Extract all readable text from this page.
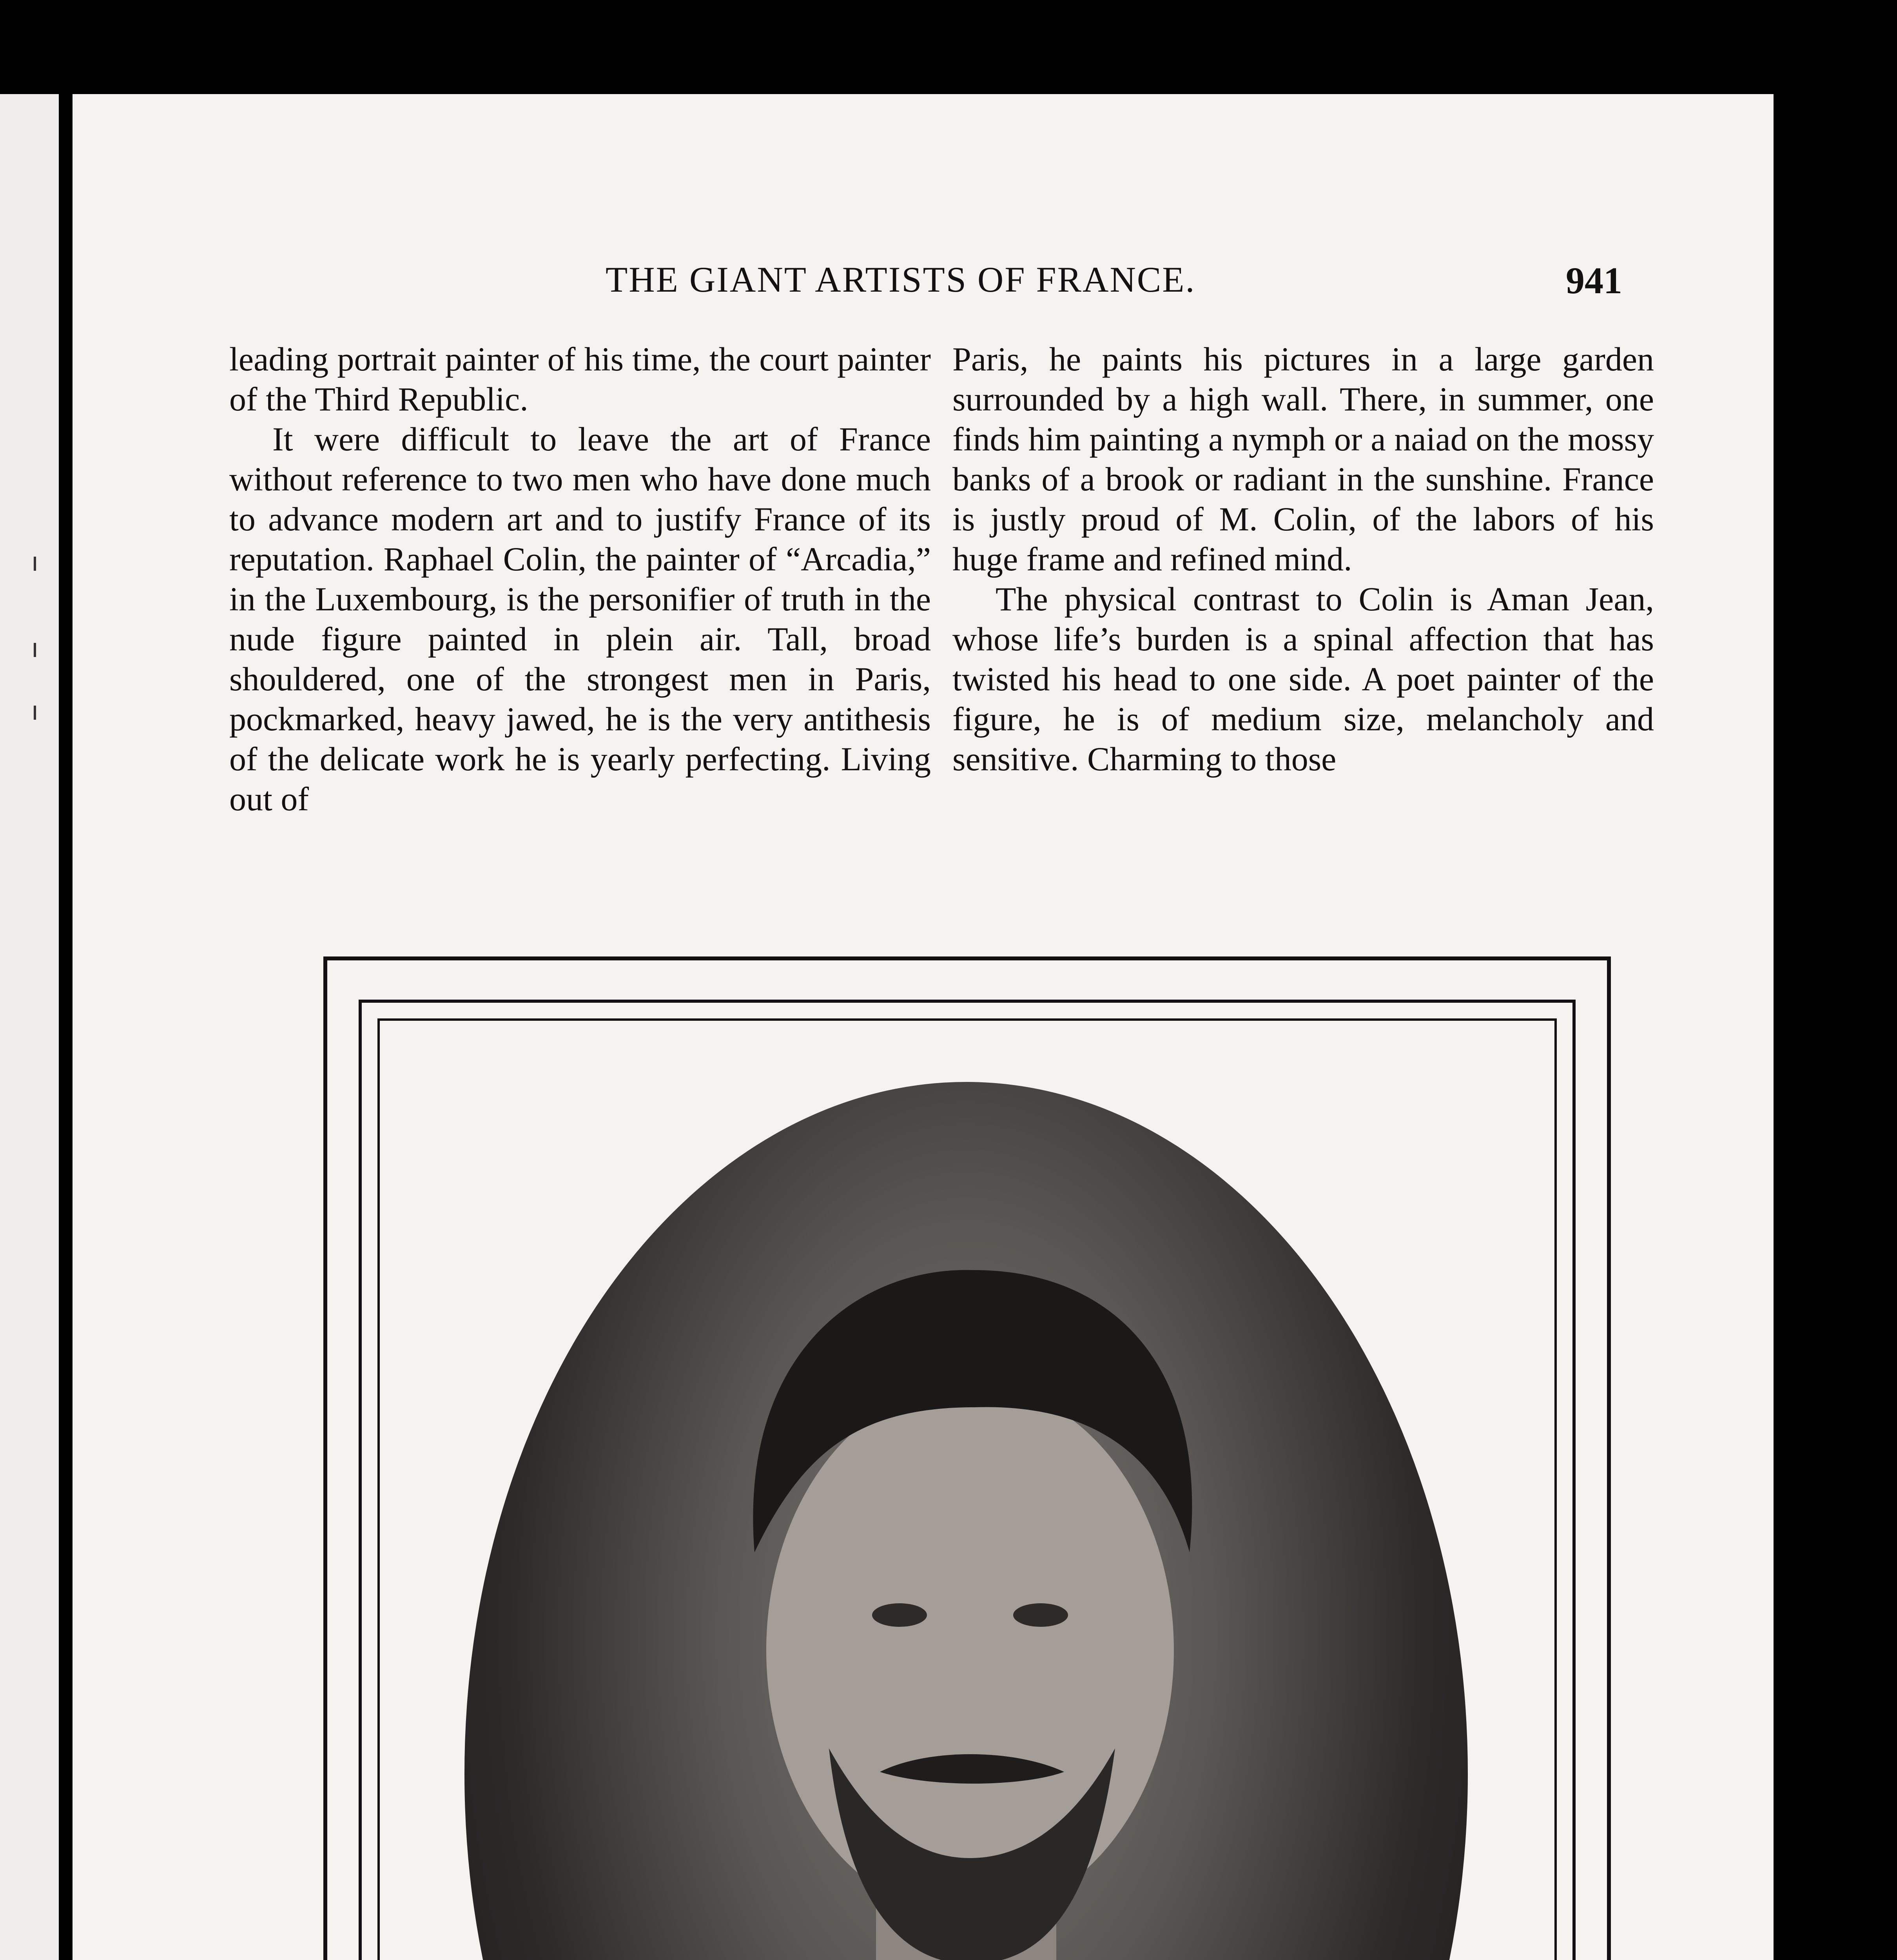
THE GIANT ARTISTS OF FRANCE.	941

leading portrait painter of his time, the court painter of the Third Republic.

It were difficult to leave the art of France without reference to two men who have done much to advance modern art and to justify France of its reputation. Raphael Colin, the painter of “Arcadia,” in the Luxembourg, is the personifier of truth in the nude figure painted in plein air. Tall, broad shouldered, one of the strongest men in Paris, pockmarked, heavy jawed, he is the very antithesis of the delicate work he is yearly perfecting. Living out of

Paris, he paints his pictures in a large garden surrounded by a high wall. There, in summer, one finds him painting a nymph or a naiad on the mossy banks of a brook or radiant in the sunshine. France is justly proud of M. Colin, of the labors of his huge frame and refined mind.

The physical contrast to Colin is Aman Jean, whose life’s burden is a spinal affection that has twisted his head to one side. A poet painter of the figure, he is of medium size, melancholy and sensitive. Charming to those
